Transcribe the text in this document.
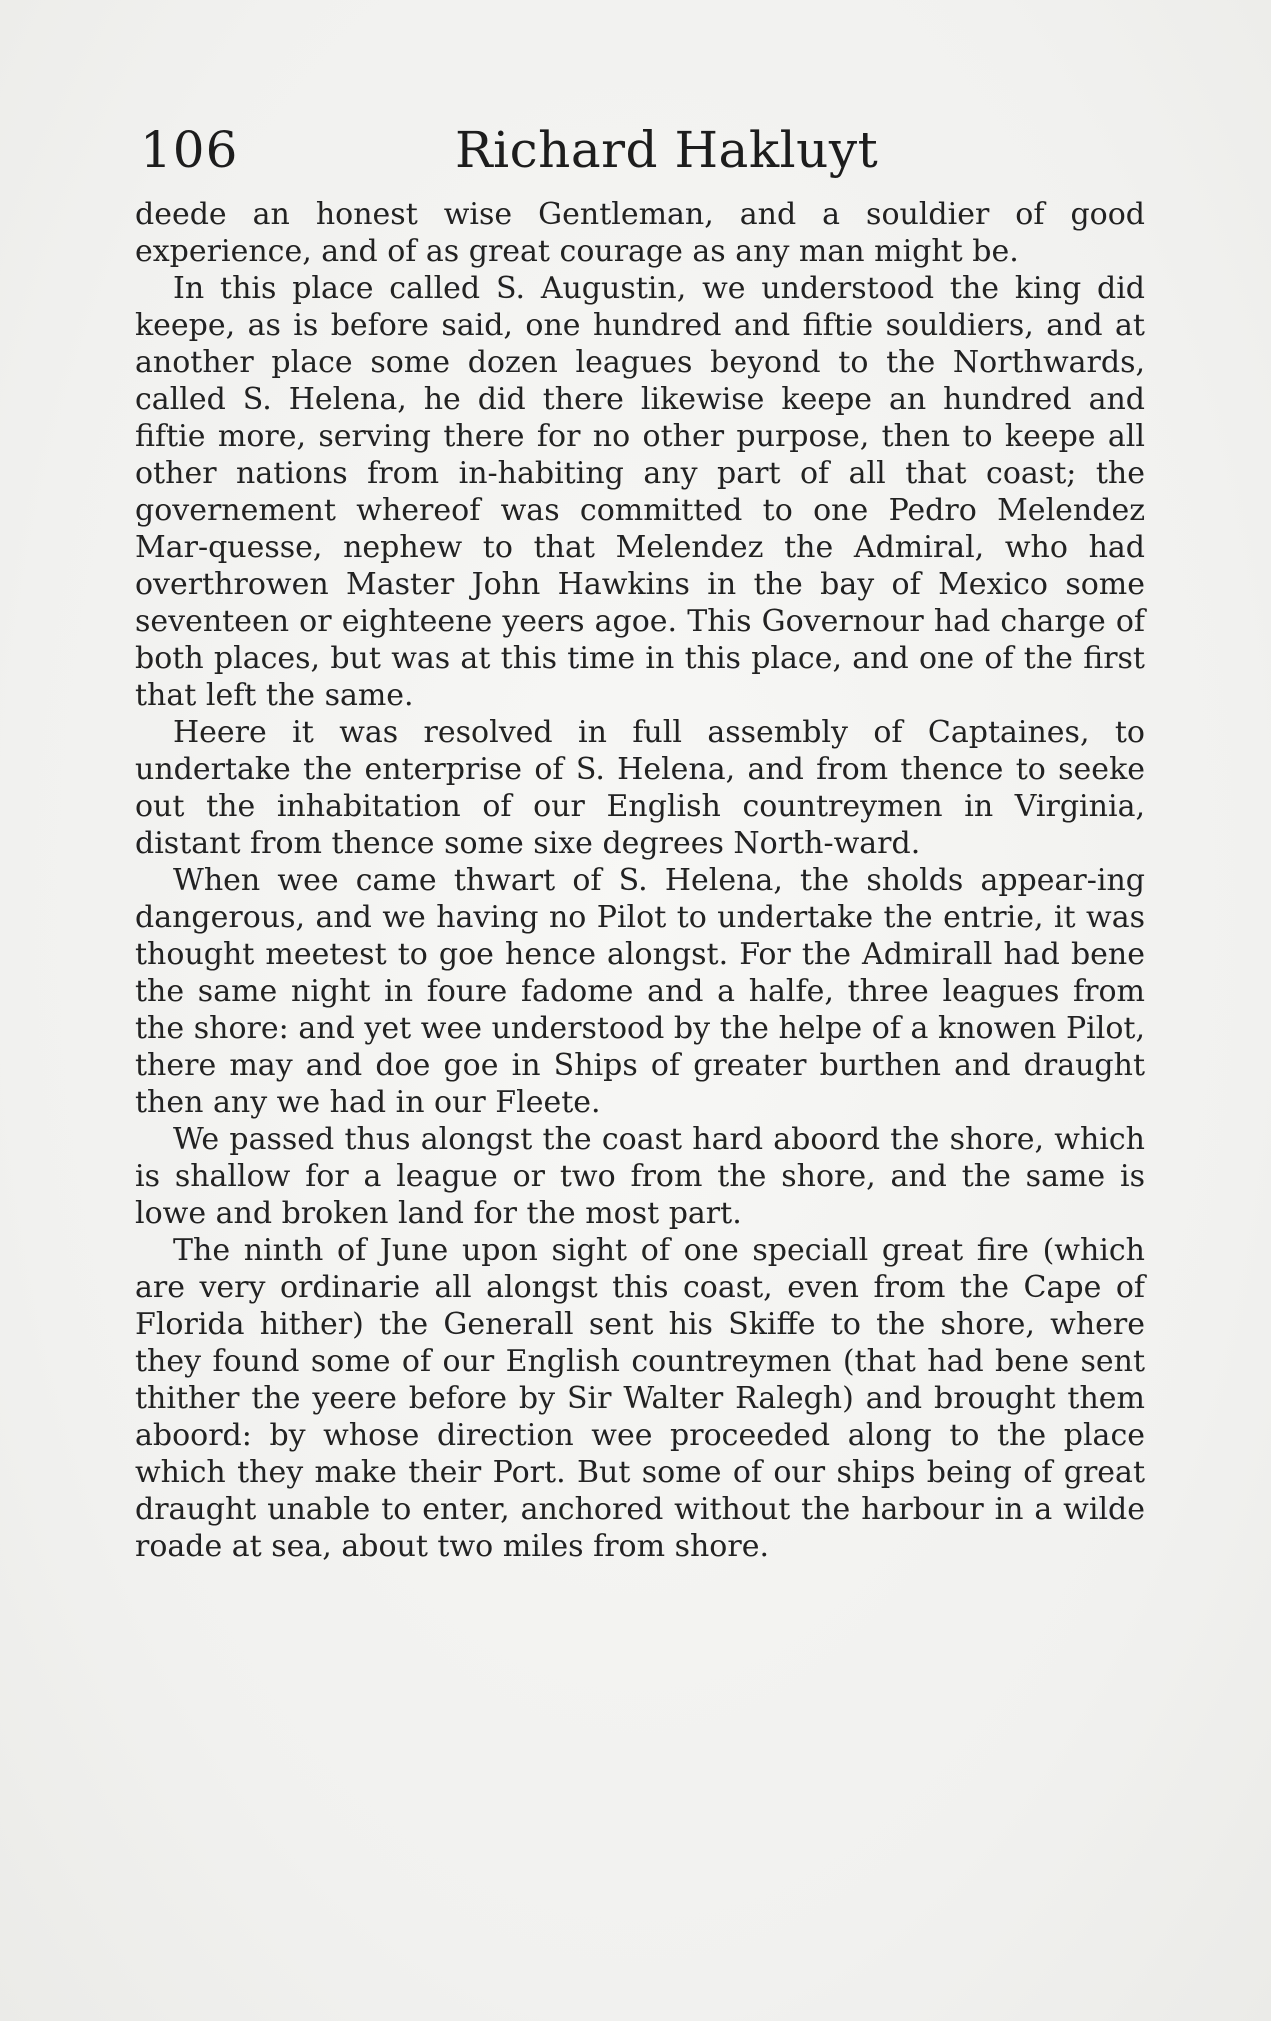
106	Richard Hakluyt

deede an honest wise Gentleman, and a souldier of good experience, and of as great courage as any man might be.

In this place called S. Augustin, we understood the king did keepe, as is before said, one hundred and fiftie souldiers, and at another place some dozen leagues beyond to the Northwards, called S. Helena, he did there likewise keepe an hundred and fiftie more, serving there for no other purpose, then to keepe all other nations from in-habiting any part of all that coast; the governement whereof was committed to one Pedro Melendez Mar-quesse, nephew to that Melendez the Admiral, who had overthrowen Master John Hawkins in the bay of Mexico some seventeen or eighteene yeers agoe. This Governour had charge of both places, but was at this time in this place, and one of the first that left the same.

Heere it was resolved in full assembly of Captaines, to undertake the enterprise of S. Helena, and from thence to seeke out the inhabitation of our English countreymen in Virginia, distant from thence some sixe degrees North-ward.

When wee came thwart of S. Helena, the sholds appear-ing dangerous, and we having no Pilot to undertake the entrie, it was thought meetest to goe hence alongst. For the Admirall had bene the same night in foure fadome and a halfe, three leagues from the shore: and yet wee understood by the helpe of a knowen Pilot, there may and doe goe in Ships of greater burthen and draught then any we had in our Fleete.

We passed thus alongst the coast hard aboord the shore, which is shallow for a league or two from the shore, and the same is lowe and broken land for the most part.

The ninth of June upon sight of one speciall great fire (which are very ordinarie all alongst this coast, even from the Cape of Florida hither) the Generall sent his Skiffe to the shore, where they found some of our English countreymen (that had bene sent thither the yeere before by Sir Walter Ralegh) and brought them aboord: by whose direction wee proceeded along to the place which they make their Port. But some of our ships being of great draught unable to enter, anchored without the harbour in a wilde roade at sea, about two miles from shore.
